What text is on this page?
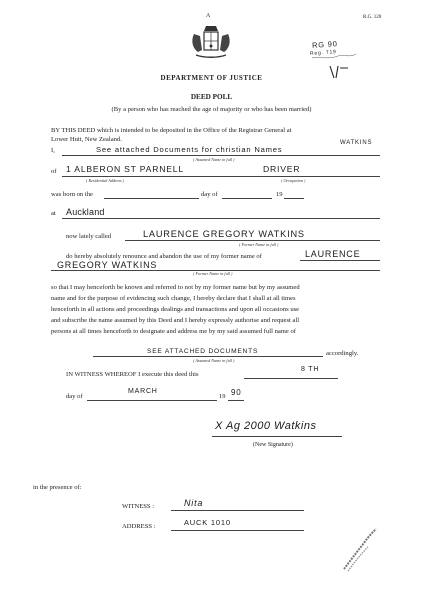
A	R.G. 120
RG 90
Reg. 719
DEPARTMENT OF JUSTICE
DEED POLL
(By a person who has reached the age of majority or who has been married)
BY THIS DEED which is intended to be deposited in the Office of the Registrar General at
Lower Hutt, New Zealand.
I,	See attached Documents for christian Names
WATKINS
( Assumed Name in full )
of 1 ALBERON ST PARNELL	DRIVER
( Residential Address )	( Occupation )
was born on the	day of	19
Auckland
at
now lately called	LAURENCE GREGORY WATKINS
( Former Name in full )
do hereby absolutely renounce and abandon the use of my former name of	LAURENCE
GREGORY WATKINS
( Former Name in full )
so that I may henceforth be known and referred to not by my former name but by my assumed
name and for the purpose of evidencing such change, I hereby declare that I shall at all times
henceforth in all actions and proceedings dealings and transactions and upon all occasions use
and subscribe the name assumed by this Deed and I hereby expressly authorise and request all
persons at all times henceforth to designate and address me by my said assumed full name of
SEE ATTACHED DOCUMENTS	accordingly.
( Assumed Name in full )
IN WITNESS WHEREOF I execute this deed this
8 TH
day of
MARCH
19 90
X Ag 2000 Watkins
(New Signature)
in the presence of:
WITNESS :	Nita
ADDRESS :	AUCK 1010
